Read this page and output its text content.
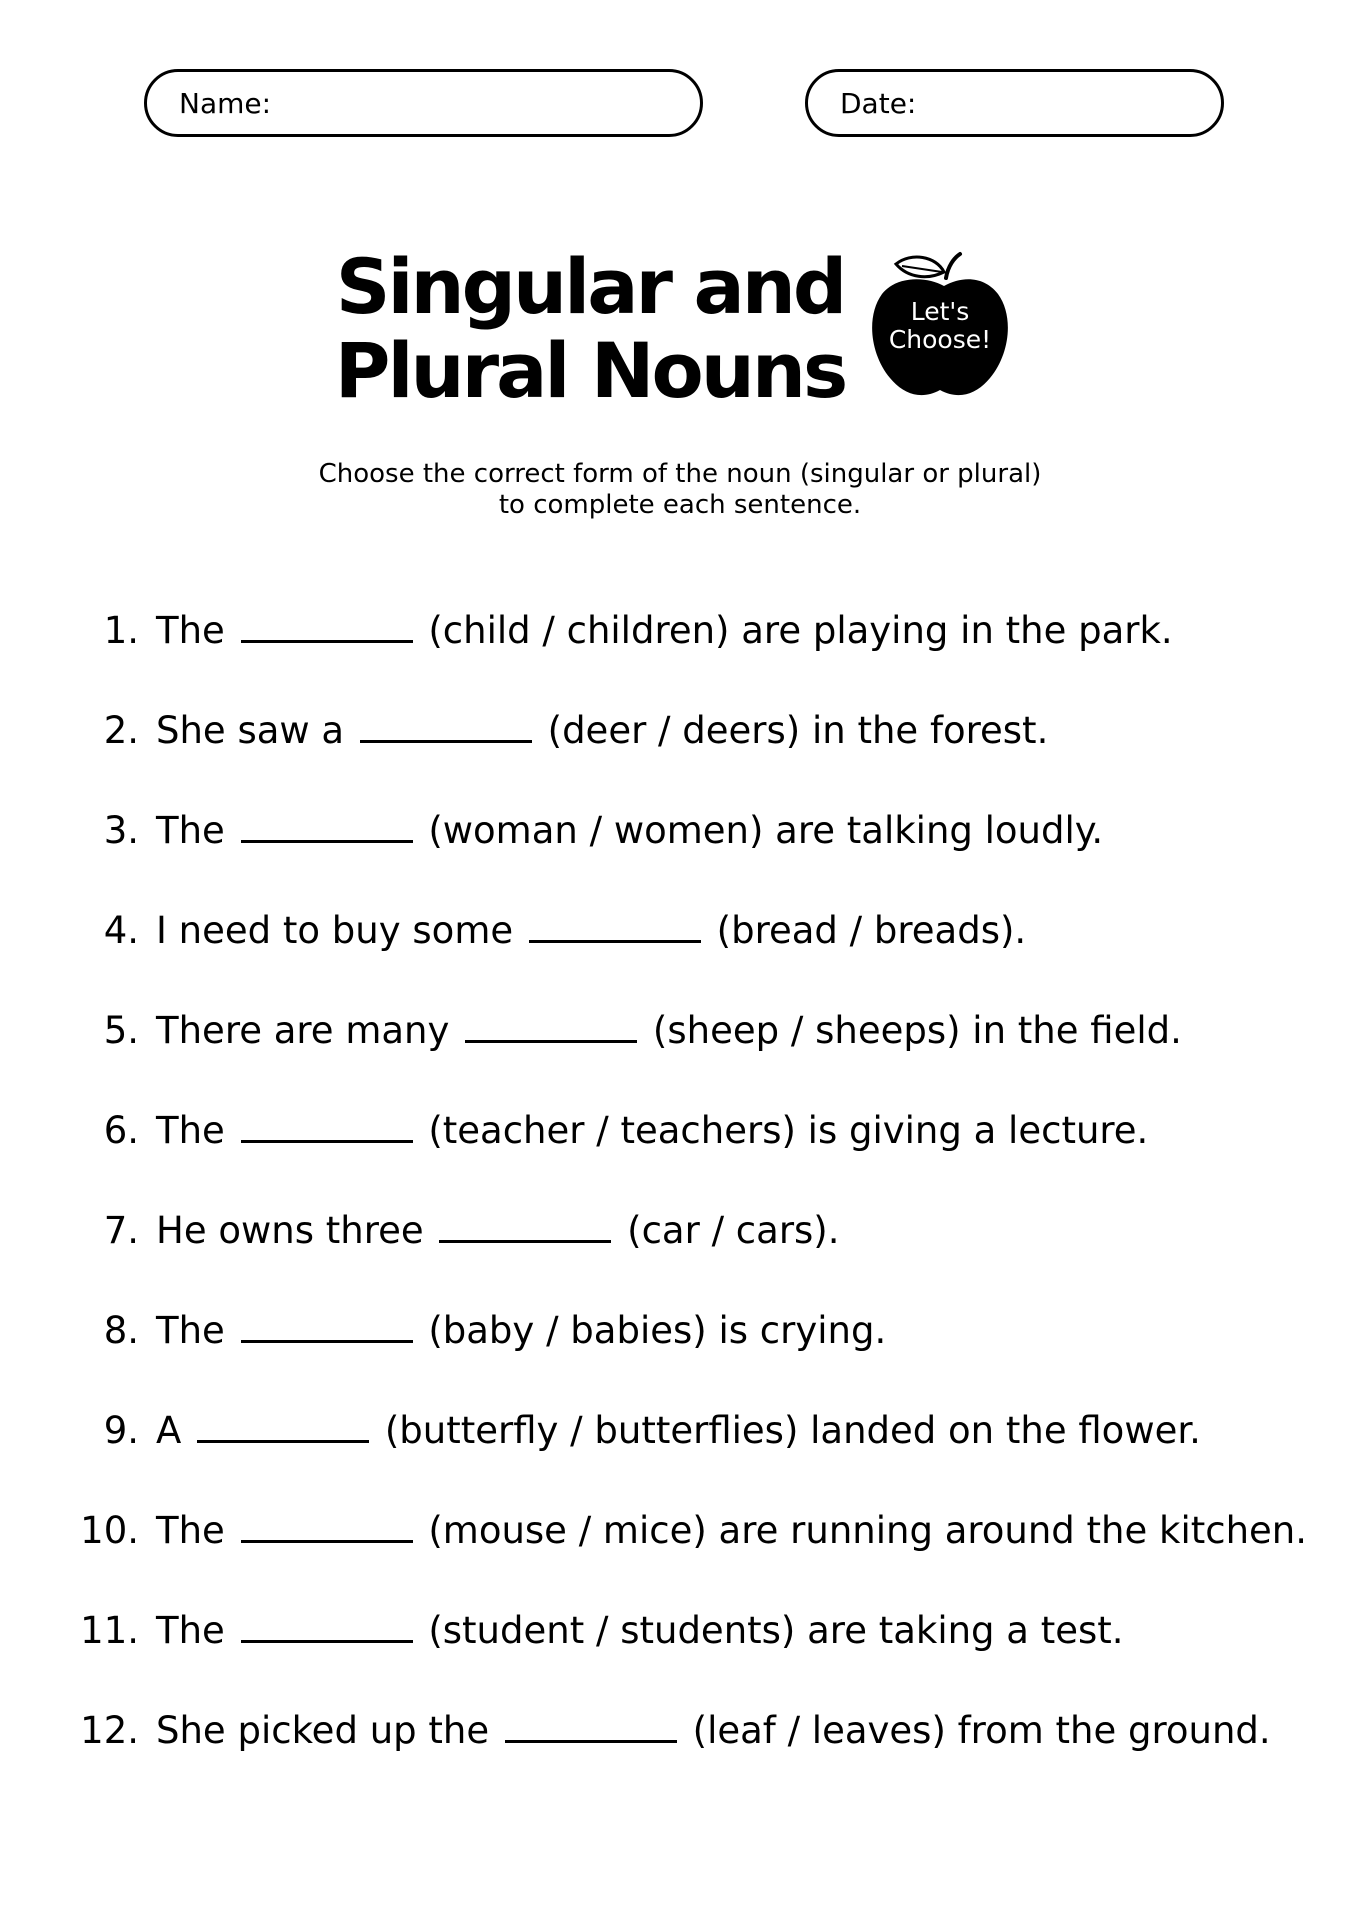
Name:	Date:
Singular and
Plural Nouns
Let's
Choose!
Choose the correct form of the noun (singular or plural)
to complete each sentence.
1. The	(child / children) are playing in the park.
2. She saw a	(deer / deers) in the forest.
3. The	(woman / women) are talking loudly.
4. I need to buy some	(bread / breads).
5. There are many	(sheep / sheeps) in the field.
6. The	(teacher / teachers) is giving a lecture.
7. He owns three	(car / cars).
8. The	(baby / babies) is crying.
9. A	(butterfly / butterflies) landed on the flower.
10. The	(mouse / mice) are running around the kitchen.
11. The	(student / students) are taking a test.
12. She picked up the	(leaf / leaves) from the ground.
